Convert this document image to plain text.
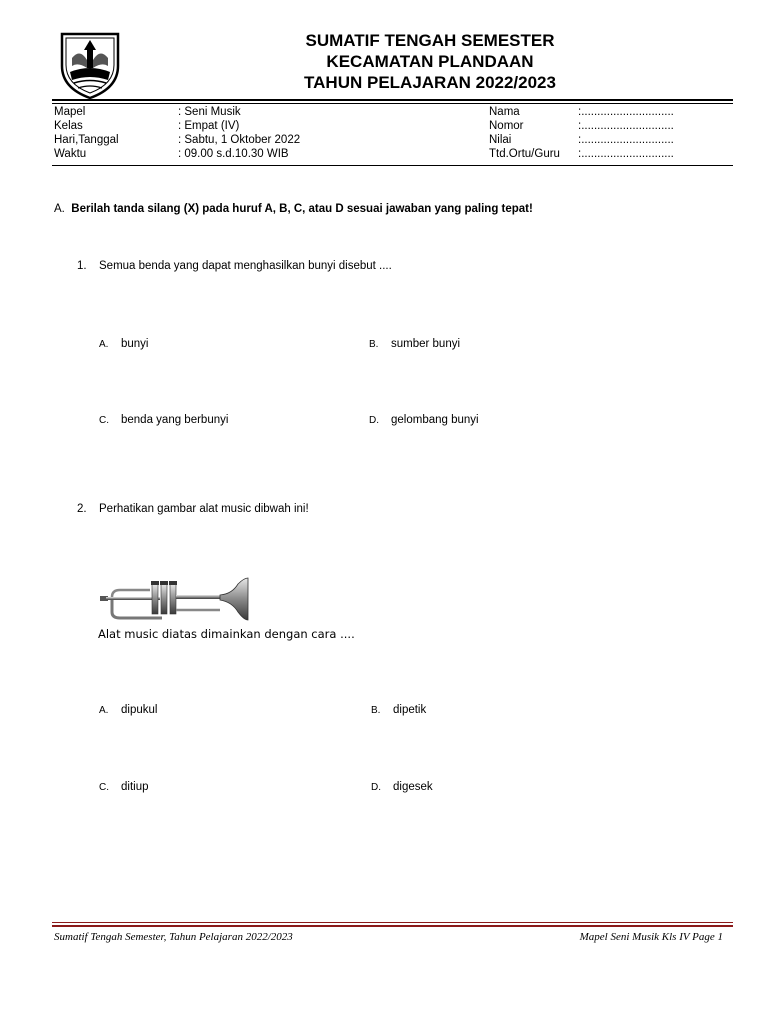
SUMATIF TENGAH SEMESTER
KECAMATAN PLANDAAN
TAHUN PELAJARAN 2022/2023
Mapel	: Seni Musik	Nama	:.............................
Kelas	: Empat (IV)	Nomor	:.............................
Hari,Tanggal	: Sabtu, 1 Oktober 2022	Nilai	:.............................
Waktu	: 09.00 s.d.10.30 WIB	Ttd.Ortu/Guru :.............................
A. Berilah tanda silang (X) pada huruf A, B, C, atau D sesuai jawaban yang paling tepat!
1. Semua benda yang dapat menghasilkan bunyi disebut ....
A. bunyi	B. sumber bunyi
C. benda yang berbunyi	D. gelombang bunyi
2. Perhatikan gambar alat music dibwah ini!
Alat music diatas dimainkan dengan cara ....
A. dipukul	B. dipetik
C. ditiup	D. digesek
Sumatif Tengah Semester, Tahun Pelajaran 2022/2023	Mapel Seni Musik Kls IV Page 1
